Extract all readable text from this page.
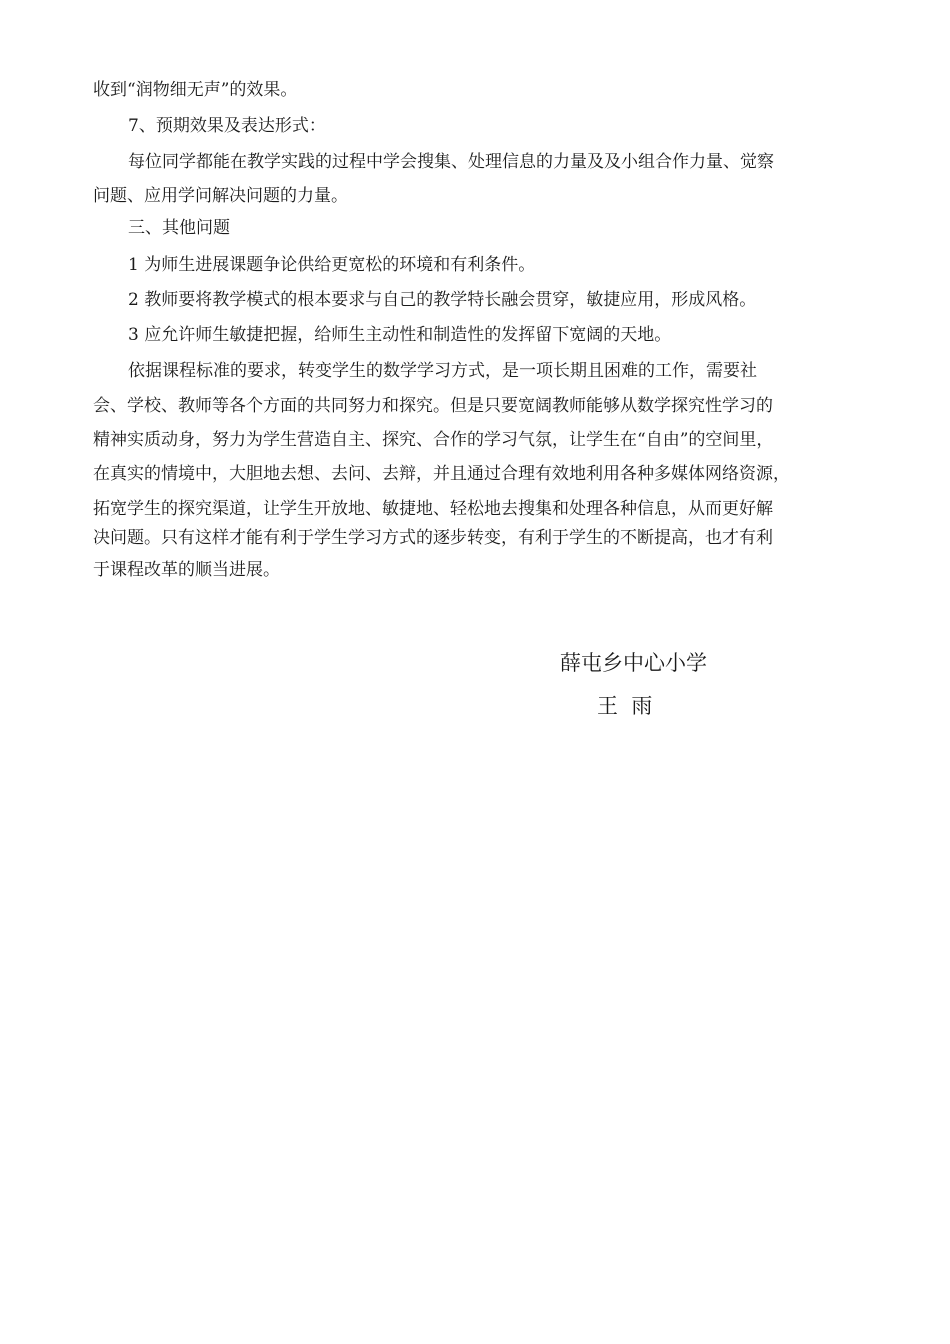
收到“润物细无声”的效果。
7、预期效果及表达形式：
每位同学都能在教学实践的过程中学会搜集、处理信息的力量及及小组合作力量、觉察
问题、应用学问解决问题的力量。
三、其他问题
1 为师生进展课题争论供给更宽松的环境和有利条件。
2 教师要将教学模式的根本要求与自己的教学特长融会贯穿，敏捷应用，形成风格。
3 应允许师生敏捷把握，给师生主动性和制造性的发挥留下宽阔的天地。
依据课程标准的要求，转变学生的数学学习方式，是一项长期且困难的工作，需要社
会、学校、教师等各个方面的共同努力和探究。但是只要宽阔教师能够从数学探究性学习的
精神实质动身，努力为学生营造自主、探究、合作的学习气氛，让学生在“自由”的空间里，
在真实的情境中，大胆地去想、去问、去辩，并且通过合理有效地利用各种多媒体网络资源，
拓宽学生的探究渠道，让学生开放地、敏捷地、轻松地去搜集和处理各种信息，从而更好解
决问题。只有这样才能有利于学生学习方式的逐步转变，有利于学生的不断提高，也才有利
于课程改革的顺当进展。
薛屯乡中心小学
王  雨
